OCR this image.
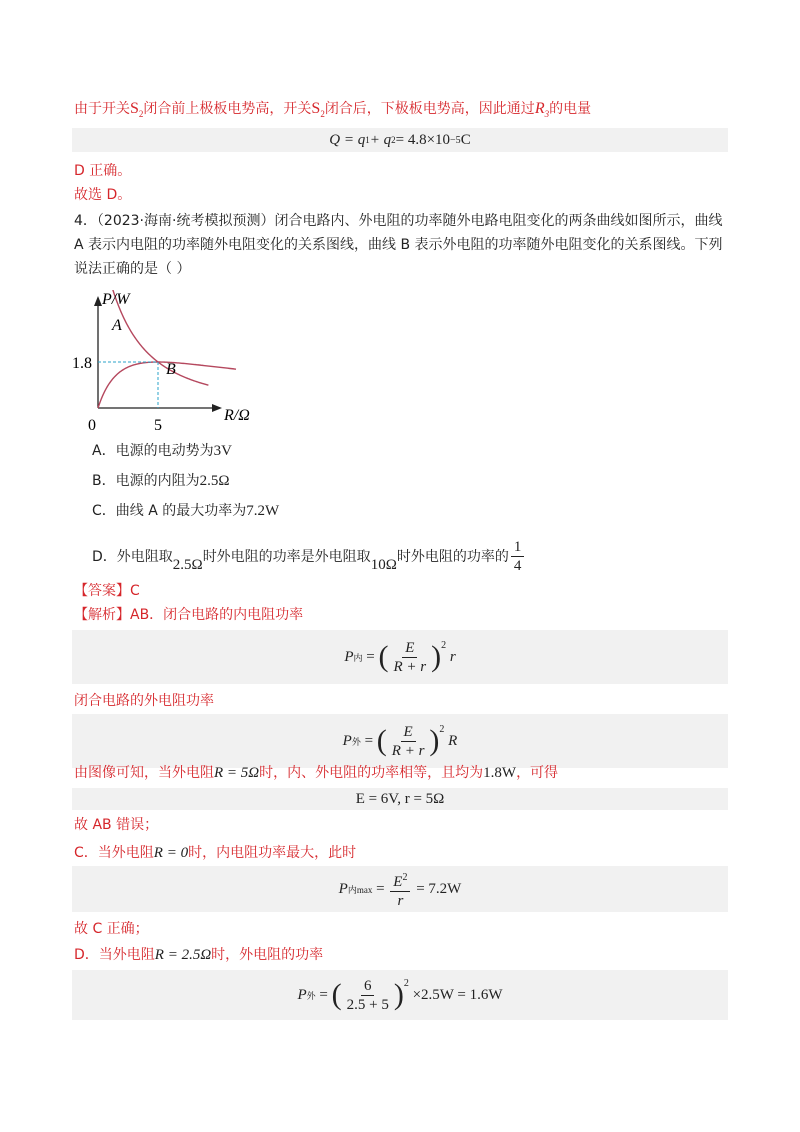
由于开关$S_2$闭合前上极板电势高，开关$S_2$闭合后，下极板电势高，因此通过$R_3$的电量
Q = q 1 + q 2 = 4.8×10 −5 C
D 正确。
故选 D。
4．（2023·海南·统考模拟预测）闭合电路内、外电阻的功率随外电路电阻变化的两条曲线如图所示，曲线
A 表示内电阻的功率随外电阻变化的关系图线，曲线 B 表示外电阻的功率随外电阻变化的关系图线。下列
说法正确的是（ ）
P/W
R/Ω
0	5
1.8
A
B
A．电源的电动势为3V
B．电源的内阻为2.5Ω
C．曲线 A 的最大功率为7.2W
D．外电阻取 2.5Ω 时外电阻的功率是外电阻取 10Ω 时外电阻的功率的 $\frac{1}{4}$
【答案】C
【解析】AB．闭合电路的内电阻功率
P 内 = ( $\frac{E}{R + r} )^2$

r
闭合电路的外电阻功率
P 外 = ( $\frac{E}{R + r} )^2$

R
由图像可知，当外电阻R = 5Ω时，内、外电阻的功率相等，且均为1.8W，可得
E = 6V, r = 5Ω
故 AB 错误；
C．当外电阻R = 0时，内电阻功率最大，此时
P 内$\max = \frac{E^2}{r}$
= 7.2W
故 C 正确；
D．当外电阻R = 2.5Ω时，外电阻的功率
P 外 = ( $\frac{6}{2.5 + 5} )^2$

×2.5W = 1.6W
